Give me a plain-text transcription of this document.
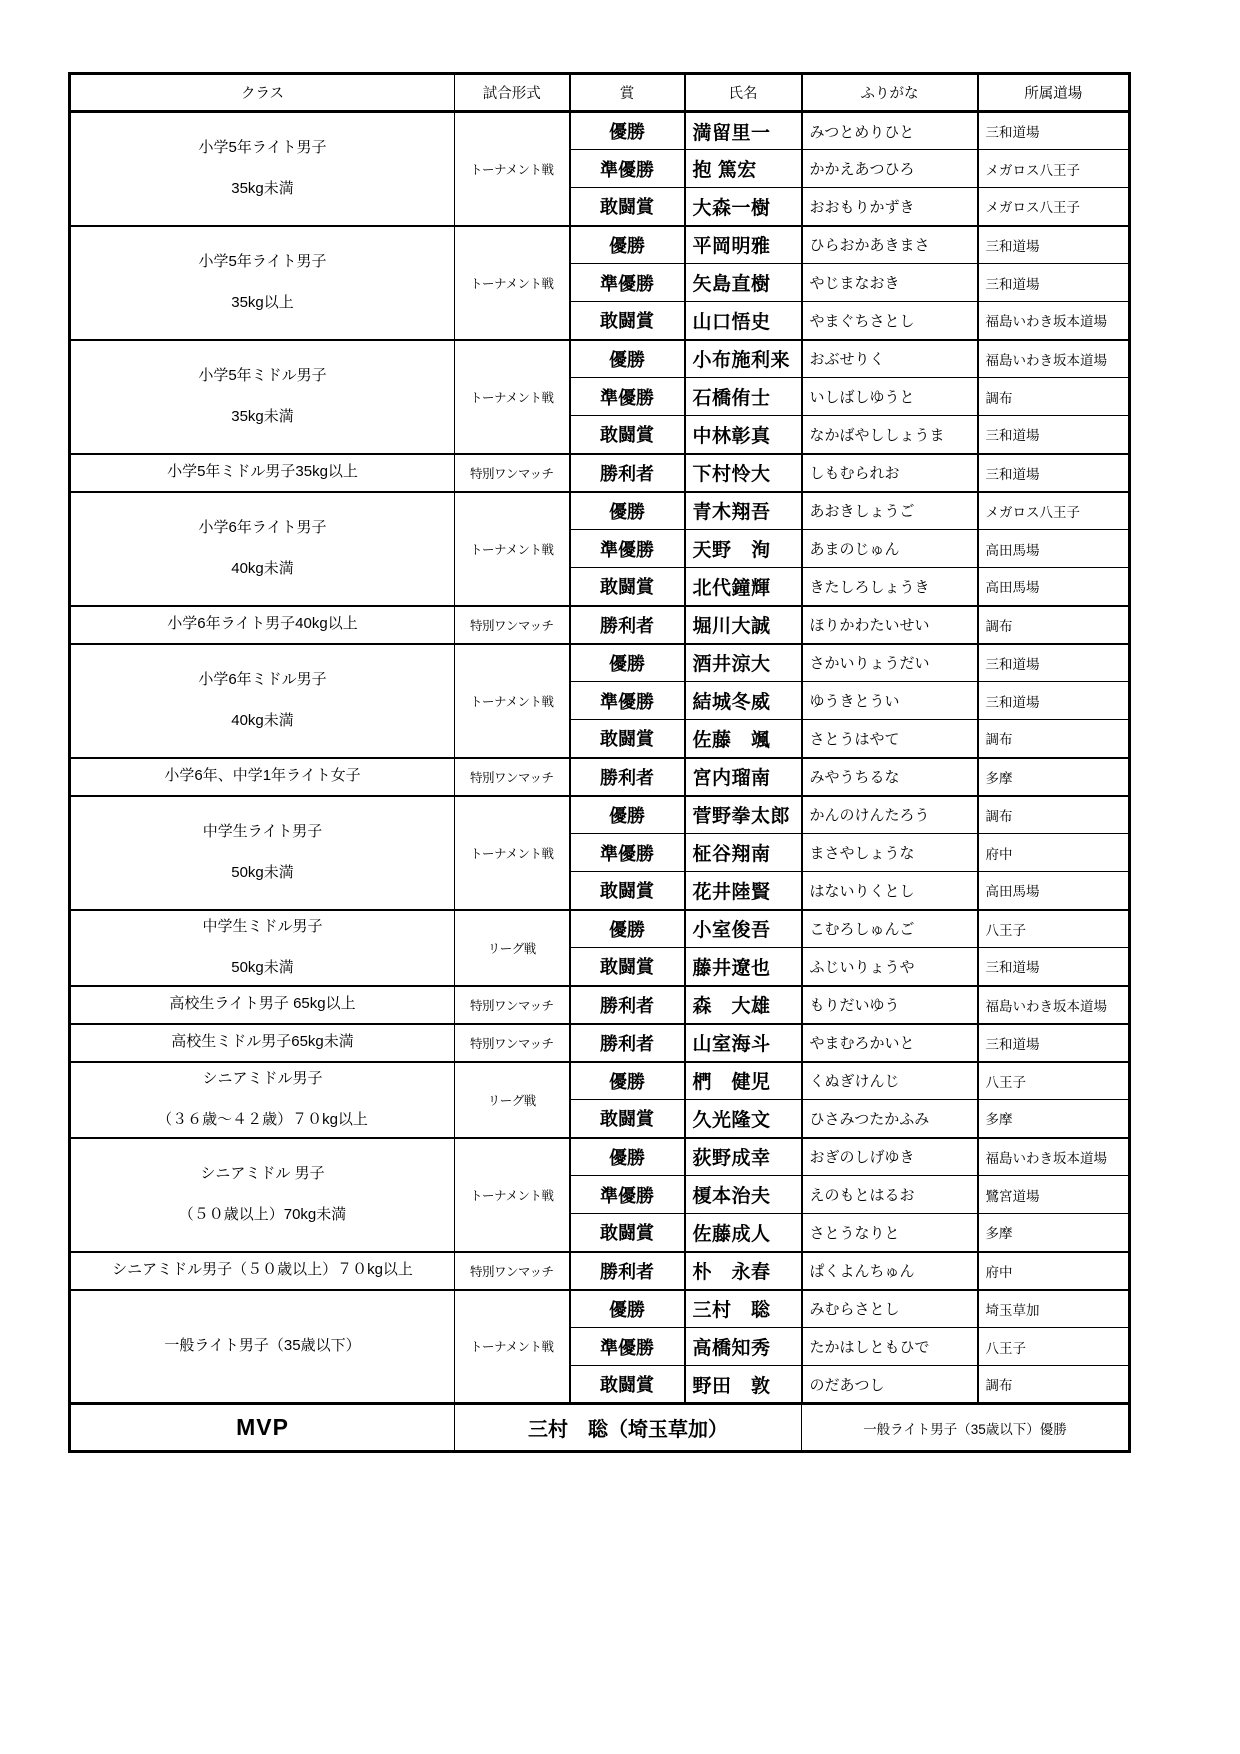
クラス	試合形式	賞	氏名	ふりがな	所属道場

小学5年ライト男子
35kg未満	トーナメント戦	優勝	満留里一	みつとめりひと	三和道場
		準優勝	抱 篤宏	かかえあつひろ	メガロス八王子
		敢闘賞	大森一樹	おおもりかずき	メガロス八王子

小学5年ライト男子
35kg以上	トーナメント戦	優勝	平岡明雅	ひらおかあきまさ	三和道場
		準優勝	矢島直樹	やじまなおき	三和道場
		敢闘賞	山口悟史	やまぐちさとし	福島いわき坂本道場

小学5年ミドル男子
35kg未満	トーナメント戦	優勝	小布施利来	おぶせりく	福島いわき坂本道場
		準優勝	石橋侑士	いしばしゆうと	調布
		敢闘賞	中林彰真	なかばやししょうま	三和道場

小学5年ミドル男子35kg以上	特別ワンマッチ	勝利者	下村怜大	しもむられお	三和道場

小学6年ライト男子
40kg未満	トーナメント戦	優勝	青木翔吾	あおきしょうご	メガロス八王子
		準優勝	天野　洵	あまのじゅん	高田馬場
		敢闘賞	北代鐘輝	きたしろしょうき	高田馬場

小学6年ライト男子40kg以上	特別ワンマッチ	勝利者	堀川大誠	ほりかわたいせい	調布

小学6年ミドル男子
40kg未満	トーナメント戦	優勝	酒井涼大	さかいりょうだい	三和道場
		準優勝	結城冬威	ゆうきとうい	三和道場
		敢闘賞	佐藤　颯	さとうはやて	調布

小学6年、中学1年ライト女子	特別ワンマッチ	勝利者	宮内瑠南	みやうちるな	多摩

中学生ライト男子
50kg未満	トーナメント戦	優勝	菅野拳太郎	かんのけんたろう	調布
		準優勝	柾谷翔南	まさやしょうな	府中
		敢闘賞	花井陸賢	はないりくとし	高田馬場

中学生ミドル男子
50kg未満	リーグ戦	優勝	小室俊吾	こむろしゅんご	八王子
		敢闘賞	藤井遼也	ふじいりょうや	三和道場

高校生ライト男子 65kg以上	特別ワンマッチ	勝利者	森　大雄	もりだいゆう	福島いわき坂本道場

高校生ミドル男子65kg未満	特別ワンマッチ	勝利者	山室海斗	やまむろかいと	三和道場

シニアミドル男子
（３６歳～４２歳）７０kg以上	リーグ戦	優勝	椚　健児	くぬぎけんじ	八王子
		敢闘賞	久光隆文	ひさみつたかふみ	多摩

シニアミドル 男子
（５０歳以上）70kg未満	トーナメント戦	優勝	荻野成幸	おぎのしげゆき	福島いわき坂本道場
		準優勝	榎本治夫	えのもとはるお	鷺宮道場
		敢闘賞	佐藤成人	さとうなりと	多摩

シニアミドル男子（５０歳以上）７０kg以上	特別ワンマッチ	勝利者	朴　永春	ぱくよんちゅん	府中

一般ライト男子（35歳以下）	トーナメント戦	優勝	三村　聡	みむらさとし	埼玉草加
		準優勝	高橋知秀	たかはしともひで	八王子
		敢闘賞	野田　敦	のだあつし	調布
MVP	三村　聡（埼玉草加）			一般ライト男子（35歳以下）優勝	
